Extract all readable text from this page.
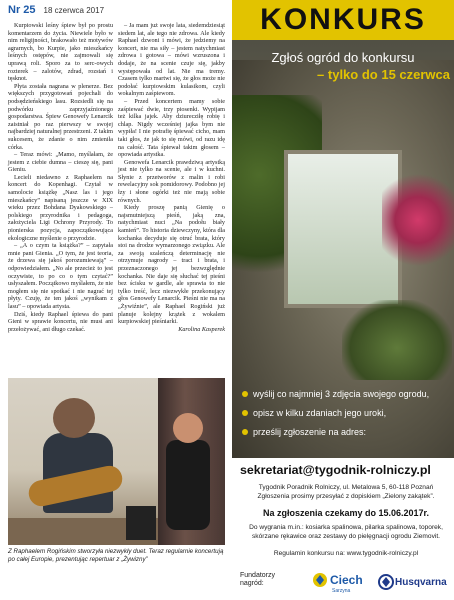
Nr 25 18 czerwca 2017

Kurpiowski leśny śpiew był po prostu komentarzem do życia. Niewiele było w nim religijności, brakowało też motywów agrarnych, bo Kurpie, jako mieszkańcy leśnych ostępów, nie zajmowali się uprawą roli. Sporo za to serc-owych rozterek – zalotów, zdrad, rozstań i tęsknot.

Płyta została nagrana w plenerze. Bez większych przygotowań pojechali do podsędzieńskiego lasu. Rozsiedli się na podwórku zaprzyjaźnionego gospodarstwa. Śpiew Genowefy Lenarcik zaistniał po raz pierwszy w swojej najbardziej naturalnej przestrzeni. Z takim sukcesem, że zdanie o nim zmieniła córka.

– Teraz mówi: „Mamo, myślałam, że jestem z ciebie dumna – cieszę się, pani Gieniu.

Lecieli niedawno z Raphaelem na koncert do Kopenhagi. Czytał w samolocie książkę „Nasz las i jego mieszkańcy” napisaną jeszcze w XIX wieku przez Bohdana Dyakowskiego – polskiego przyrodnika i pedagoga, założyciela Ligi Ochrony Przyrody. To pionierska pozycja, zapoczątkowująca ekologiczne myślenie o przyrodzie.

– „A o czym ta książka?” – zapytała mnie pani Gienia. „O tym, że jest teoria, że drzewa się jakoś porozumiewają” – odpowiedziałem. „No ale przecież to jest oczywiste, to po co o tym czytać?” usłyszałem. Początkowo myślałem, że nie mogłem się nie spotkać i nie nagrać tej płyty. Czuję, że ten jakoś „wynikam z lasu” – opowiada artysta.

Dziś, kiedy Raphael śpiewa do pani Gieni w sprawie koncertu, nie musi ani przełożywać, ani długo czekać.

– Ja mam już swoje lata, siedemdziesiąt siedem lat, ale tego nie zdrowa. Ale kiedy Raphael dzwoni i mówi, że jedziemy na koncert, nie ma siły – jestem natychmiast zdrowa i gotowa – mówi wzruszona i dodaje, że na scenie czuje się, jakby występowała od lat. Nie ma tremy. Czasem tylko martwi się, że głos może nie podołać kurpiowskim kulasikom, czyli wokalnym zaśpiewom.

– Przed koncertem mamy sobie zaśpiewać dwie, trzy piosenki. Wypijam też kilka jajek. Aby dziurecziłę robię i chlap. Nigdy wcześniej jajka bym nie wypiła! I nie potrafię śpiewać cicho, mam taki głos, że jak to się mówi, od razu idę na całość. Tata śpiewał takim głosem – opowiada artystka.

Genowefa Lenarcik prawdziwą artystką jest nie tylko na scenie, ale i w kuchni. Słynie z przetworów z malin i robi rewelacyjny sok pomidorowy. Podobno jej łzy i słone ogórki też nie mają sobie równych.

Kiedy proszę panią Gienię o najsmutniejszą pieśń, jaką zna, natychmiast nuci „Na podołu biały kamień”. To historia dziewczyny, która dla kochanka decyduje się otruć brata, który stoi na drodze wymarzonego związku. Ale za swoją szaleńczą determinację nie otrzymuje nagrody – traci i brata, i przeznaczonego jej bezwzględnie kochanka. Nie daje się słuchać tej pieśni bez ścisku w gardle, ale sprawia to nie tylko treść, lecz niezwykłe przekonujący głos Genowefy Lenarcik. Pieśni nie ma na „Żywiźnie”, ale Raphael Rogiński już planuje kolejny krążek z wokalem kurpiowskiej pieśniarki.

Karolina Kasperek

Z Raphaelem Rogińskim stworzyła niezwykły duet. Teraz regularnie koncertują po całej Europie, prezentując repertuar z „Żywizny”
KONKURS
Zgłoś ogród do konkursu
– tylko do 15 czerwca
wyślij co najmniej 3 zdjęcia swojego ogrodu,
opisz w kilku zdaniach jego uroki,
prześlij zgłoszenie na adres:
sekretariat@tygodnik-rolniczy.pl
Tygodnik Poradnik Rolniczy, ul. Metalowa 5, 60-118 Poznań
Zgłoszenia prosimy przesyłać z dopiskiem „Zielony zakątek”.
Na zgłoszenia czekamy do 15.06.2017r.
Do wygrania m.in.: kosiarka spalinowa, pilarka spalinowa, toporek,
skórzane rękawice oraz zestawy do pielęgnacji ogrodu Ziemovit.
Regulamin konkursu na: www.tygodnik-rolniczy.pl
Fundatorzy
nagród:	Ciech
Sarzyna
Husqvarna
